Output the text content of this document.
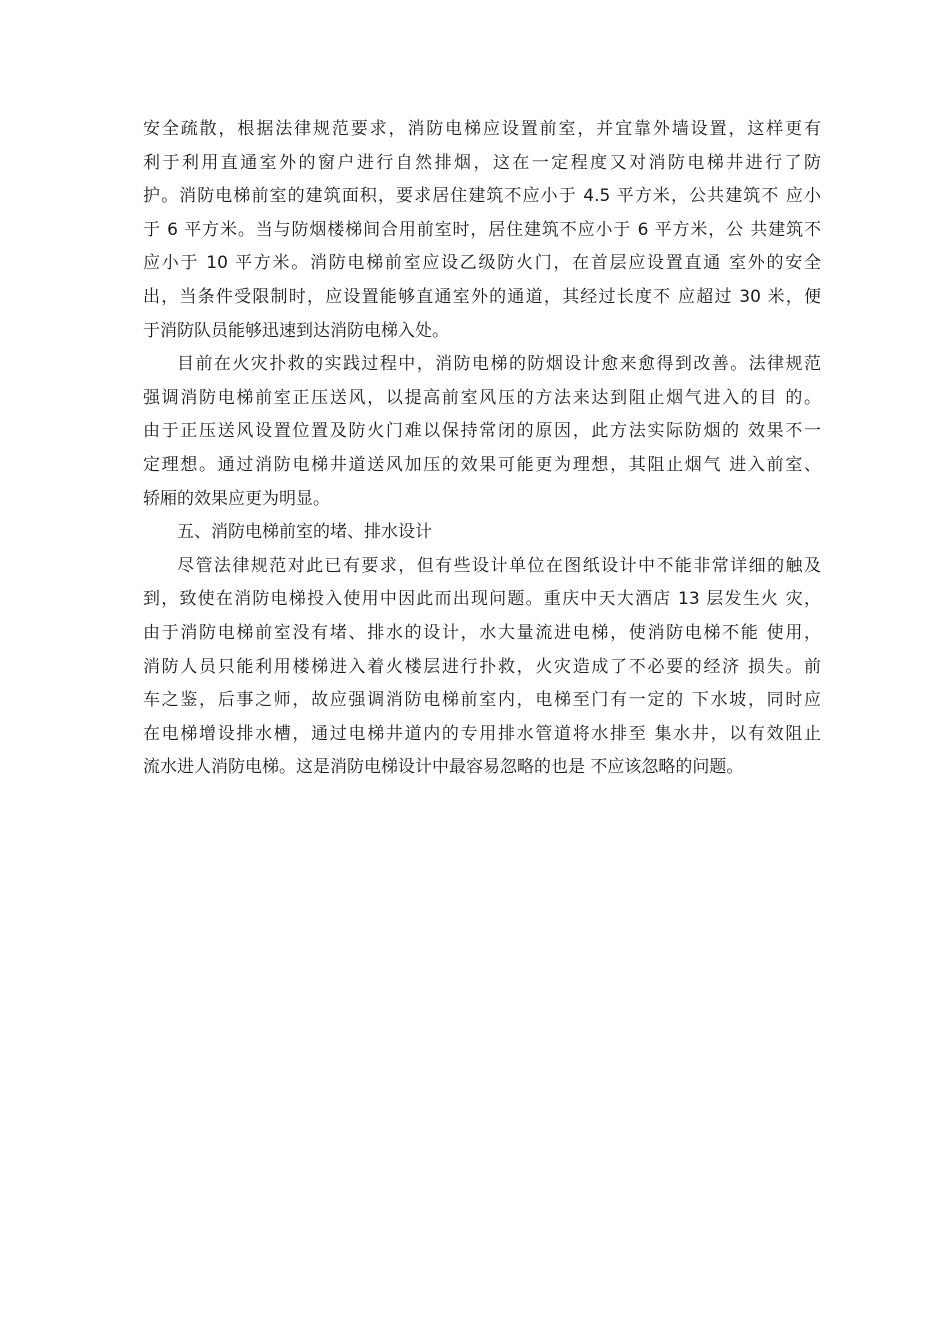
安全疏散，根据法律规范要求，消防电梯应设置前室，并宜靠外墙设置，这样更有
利于利用直通室外的窗户进行自然排烟，这在一定程度又对消防电梯井进行了防
护。消防电梯前室的建筑面积，要求居住建筑不应小于 4.5 平方米，公共建筑不 应小
于 6 平方米。当与防烟楼梯间合用前室时，居住建筑不应小于 6 平方米，公 共建筑不
应小于 10 平方米。消防电梯前室应设乙级防火门，在首层应设置直通 室外的安全
出，当条件受限制时，应设置能够直通室外的通道，其经过长度不 应超过 30 米，便
于消防队员能够迅速到达消防电梯入处。
目前在火灾扑救的实践过程中，消防电梯的防烟设计愈来愈得到改善。法律规范
强调消防电梯前室正压送风，以提高前室风压的方法来达到阻止烟气进入的目 的。
由于正压送风设置位置及防火门难以保持常闭的原因，此方法实际防烟的 效果不一
定理想。通过消防电梯井道送风加压的效果可能更为理想，其阻止烟气 进入前室、
轿厢的效果应更为明显。
五、消防电梯前室的堵、排水设计
尽管法律规范对此已有要求，但有些设计单位在图纸设计中不能非常详细的触及
到，致使在消防电梯投入使用中因此而出现问题。重庆中天大酒店 13 层发生火 灾，
由于消防电梯前室没有堵、排水的设计，水大量流进电梯，使消防电梯不能 使用，
消防人员只能利用楼梯进入着火楼层进行扑救，火灾造成了不必要的经济 损失。前
车之鉴，后事之师，故应强调消防电梯前室内，电梯至门有一定的 下水坡，同时应
在电梯增设排水槽，通过电梯井道内的专用排水管道将水排至 集水井，以有效阻止
流水进人消防电梯。这是消防电梯设计中最容易忽略的也是 不应该忽略的问题。
